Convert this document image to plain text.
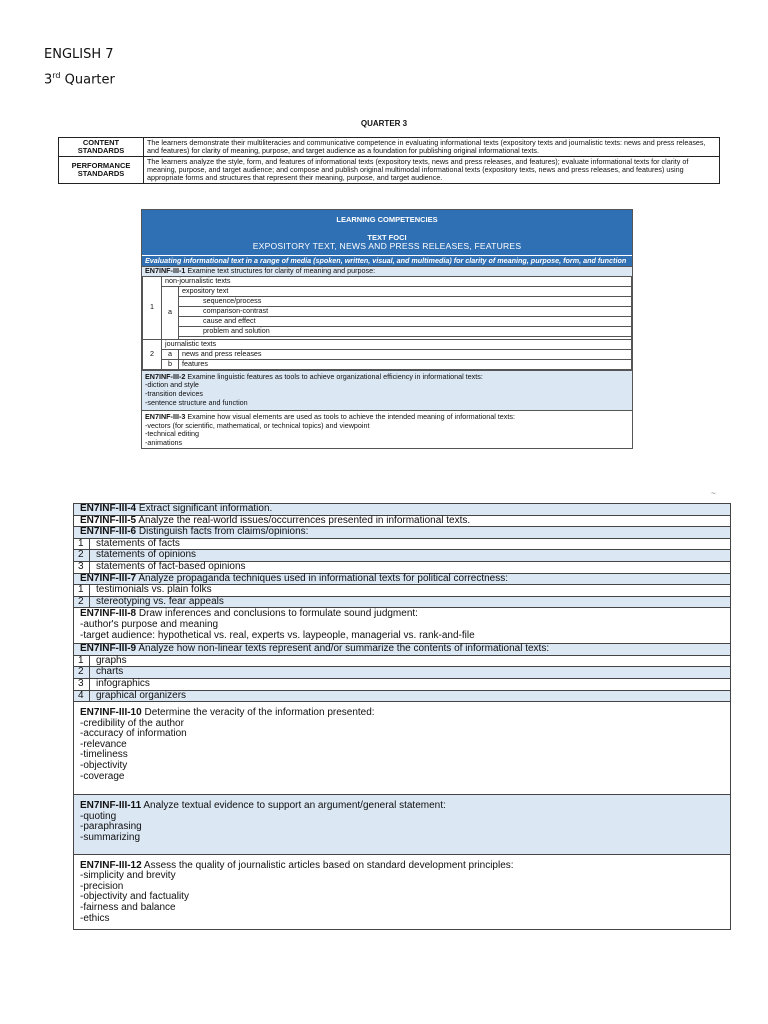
ENGLISH 7
3rd Quarter
QUARTER 3
CONTENT STANDARDS	The learners demonstrate their multiliteracies and communicative competence in evaluating informational texts (expository texts and journalistic texts: news and press releases, and features) for clarity of meaning, purpose, and target audience as a foundation for publishing original informational texts.
PERFORMANCE STANDARDS	The learners analyze the style, form, and features of informational texts (expository texts, news and press releases, and features); evaluate informational texts for clarity of meaning, purpose, and target audience; and compose and publish original multimodal informational texts (expository texts, news and press releases, and features) using appropriate forms and structures that represent their meaning, purpose, and target audience.
LEARNING COMPETENCIES
TEXT FOCI
EXPOSITORY TEXT, NEWS AND PRESS RELEASES, FEATURES
Evaluating informational text in a range of media (spoken, written, visual, and multimedia) for clarity of meaning, purpose, form, and function
EN7INF-III-1 Examine text structures for clarity of meaning and purpose:
1	non-journalistic texts	
	a	expository text
		sequence/process
		comparison-contrast
		cause and effect
		problem and solution

2	journalistic texts	
	a	news and press releases
	b	features
EN7INF-III-2 Examine linguistic features as tools to achieve organizational efficiency in informational texts:
-diction and style
-transition devices
-sentence structure and function
EN7INF-III-3 Examine how visual elements are used as tools to achieve the intended meaning of informational texts:
-vectors (for scientific, mathematical, or technical topics) and viewpoint
-technical editing
-animations
~
EN7INF-III-4 Extract significant information.
EN7INF-III-5 Analyze the real-world issues/occurrences presented in informational texts.
EN7INF-III-6 Distinguish facts from claims/opinions:
1	statements of facts
2	statements of opinions
3	statements of fact-based opinions
EN7INF-III-7 Analyze propaganda techniques used in informational texts for political correctness:
1	testimonials vs. plain folks
2	stereotyping vs. fear appeals
EN7INF-III-8 Draw inferences and conclusions to formulate sound judgment:
-author's purpose and meaning
-target audience: hypothetical vs. real, experts vs. laypeople, managerial vs. rank-and-file
EN7INF-III-9 Analyze how non-linear texts represent and/or summarize the contents of informational texts:
1	graphs
2	charts
3	infographics
4	graphical organizers
EN7INF-III-10 Determine the veracity of the information presented:
-credibility of the author
-accuracy of information
-relevance
-timeliness
-objectivity
-coverage
EN7INF-III-11 Analyze textual evidence to support an argument/general statement:
-quoting
-paraphrasing
-summarizing
EN7INF-III-12 Assess the quality of journalistic articles based on standard development principles:
-simplicity and brevity
-precision
-objectivity and factuality
-fairness and balance
-ethics
